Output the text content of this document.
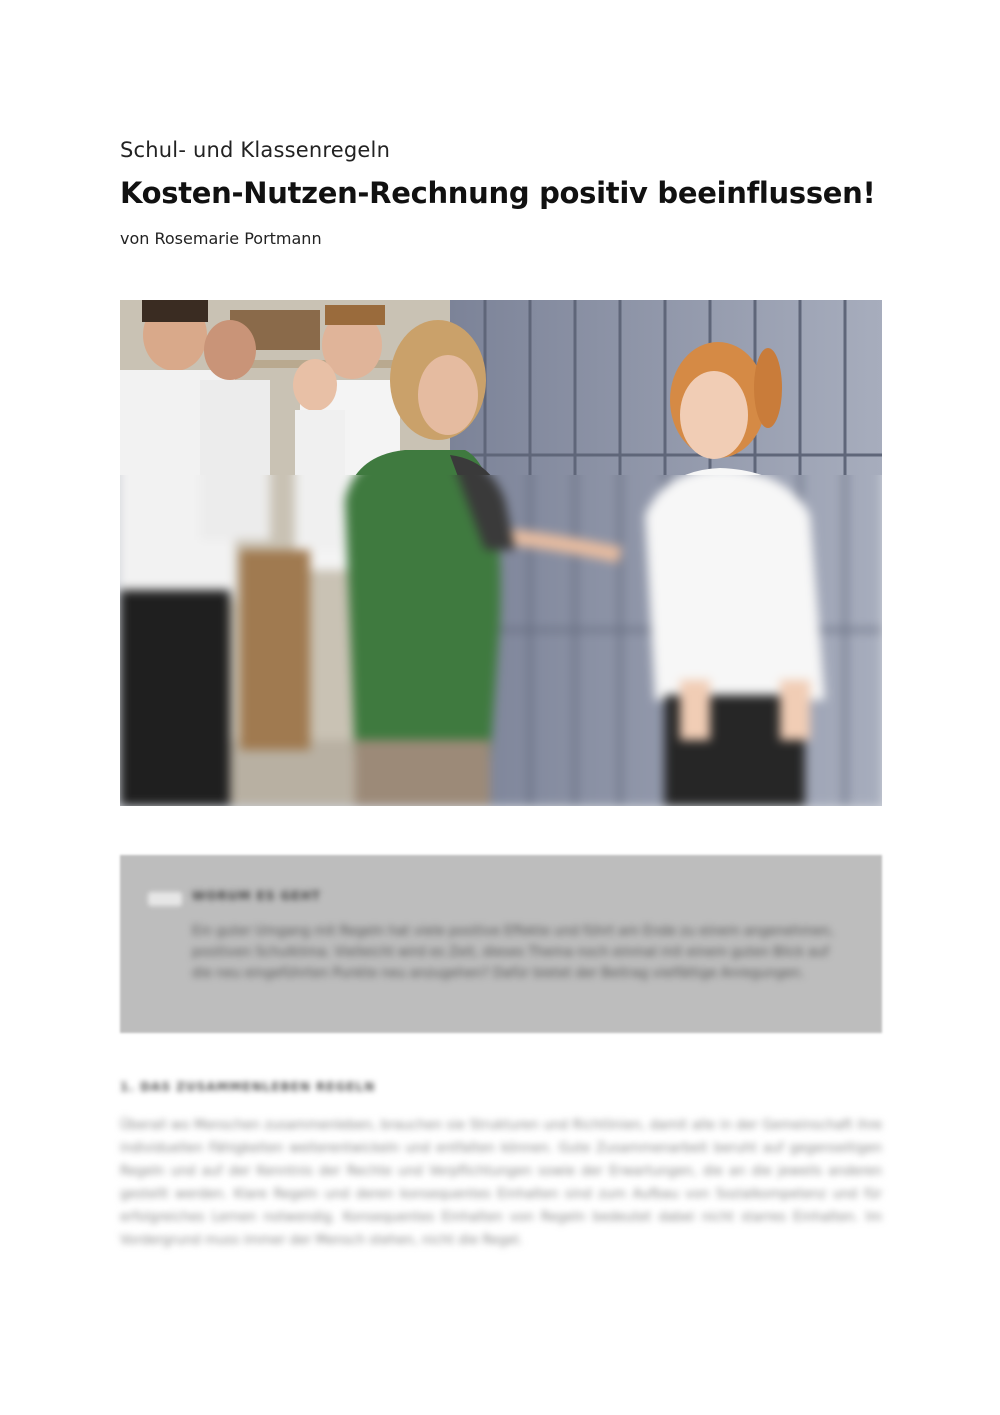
Schul- und Klassenregeln
Kosten-Nutzen-Rechnung positiv beeinflussen!
von Rosemarie Portmann
WORUM ES GEHT
Ein guter Umgang mit Regeln hat viele positive Effekte und führt am Ende zu einem angenehmen, positiven Schulklima. Vielleicht wird es Zeit, dieses Thema noch einmal mit einem guten Blick auf die neu eingeführten Punkte neu anzugehen? Dafür bietet der Beitrag vielfältige Anregungen.
1. DAS ZUSAMMENLEBEN REGELN
Überall wo Menschen zusammenleben, brauchen sie Strukturen und Richtlinien, damit alle in der Gemeinschaft ihre individuellen Fähigkeiten weiterentwickeln und entfalten können. Gute Zusammenarbeit beruht auf gegenseitigen Regeln und auf der Kenntnis der Rechte und Verpflichtungen sowie der Erwartungen, die an die jeweils anderen gestellt werden. Klare Regeln und deren konsequentes Einhalten sind zum Aufbau von Sozialkompetenz und für erfolgreiches Lernen notwendig. Konsequentes Einhalten von Regeln bedeutet dabei nicht starres Einhalten. Im Vordergrund muss immer der Mensch stehen, nicht die Regel.
